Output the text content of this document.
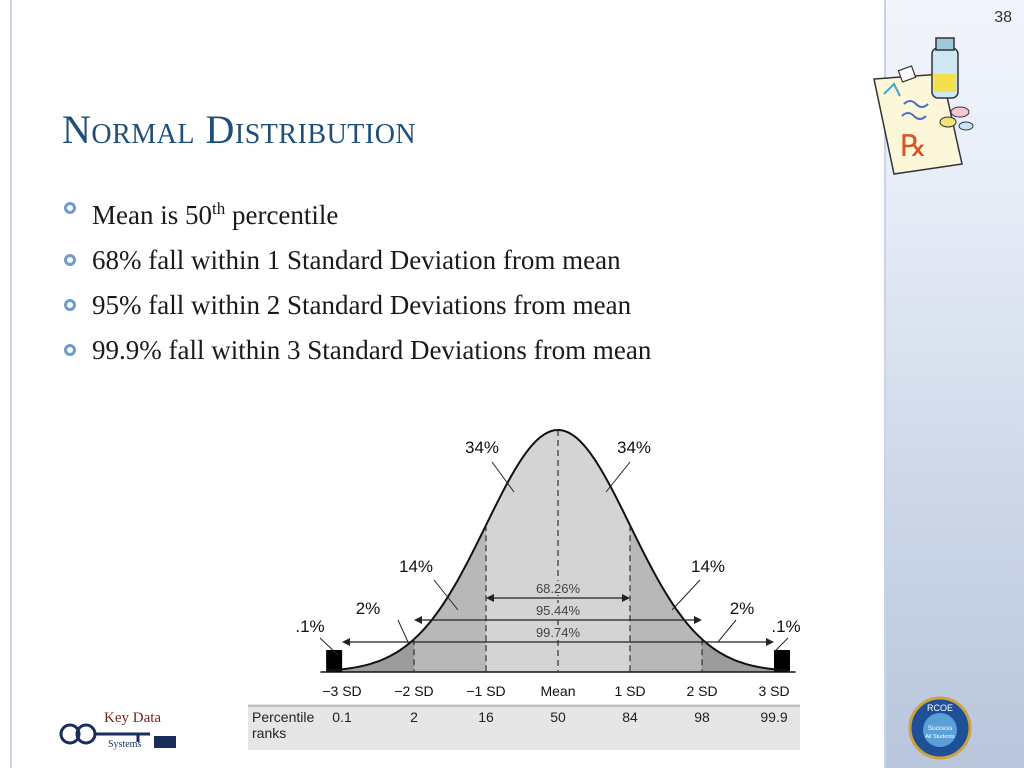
38
℞
Normal Distribution
Mean is 50th percentile
68% fall within 1 Standard Deviation from mean
95% fall within 2 Standard Deviations from mean
99.9% fall within 3 Standard Deviations from mean
68.26%
95.44%
99.74%
.1%
2%
14%
34%	34%
14%
2%
.1%
−3 SD −2 SD −1 SD Mean	1 SD	2 SD	3 SD
Percentile
ranks
0.1	2	16	50	84	98	99.9
Key Data
Systems
RCOE
Success
All Students
